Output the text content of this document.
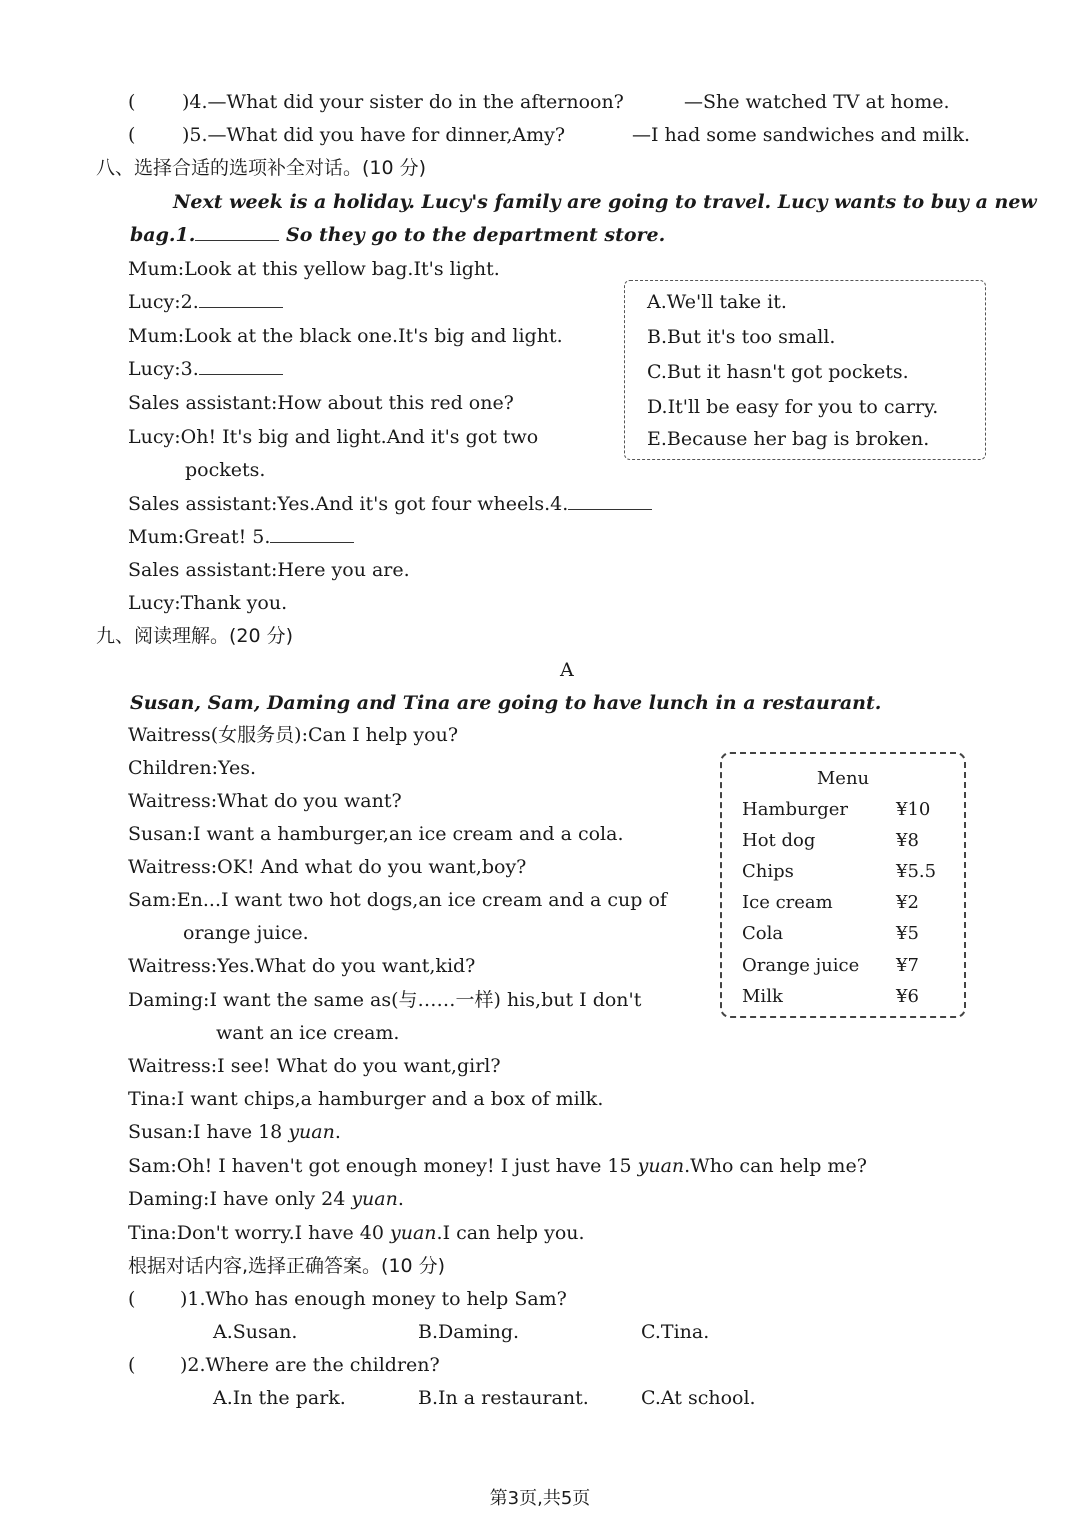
( )4.—What did your sister do in the afternoon?	—She watched TV at home.
( )5.—What did you have for dinner,Amy?	—I had some sandwiches and milk.
八、选择合适的选项补全对话。(10 分)
Next week is a holiday. Lucy's family are going to travel. Lucy wants to buy a new
bag.1.	So they go to the department store.
Mum:Look at this yellow bag.It's light.
Lucy:2.
Mum:Look at the black one.It's big and light.
Lucy:3.
Sales assistant:How about this red one?
Lucy:Oh! It's big and light.And it's got two
pockets.
Sales assistant:Yes.And it's got four wheels.4.
Mum:Great! 5.
Sales assistant:Here you are.
Lucy:Thank you.
A.We'll take it.
B.But it's too small.
C.But it hasn't got pockets.
D.It'll be easy for you to carry.
E.Because her bag is broken.
九、阅读理解。(20 分)
A
Susan, Sam, Daming and Tina are going to have lunch in a restaurant.
Waitress(女服务员):Can I help you?
Children:Yes.
Waitress:What do you want?
Susan:I want a hamburger,an ice cream and a cola.
Waitress:OK! And what do you want,boy?
Sam:En...I want two hot dogs,an ice cream and a cup of
orange juice.
Waitress:Yes.What do you want,kid?
Daming:I want the same as(与……一样) his,but I don't
want an ice cream.
Waitress:I see! What do you want,girl?
Tina:I want chips,a hamburger and a box of milk.
Susan:I have 18 yuan.
Sam:Oh! I haven't got enough money! I just have 15 yuan.Who can help me?
Daming:I have only 24 yuan.
Tina:Don't worry.I have 40 yuan.I can help you.
Menu
Hamburger	¥10
Hot dog	¥8
Chips	¥5.5
Ice cream	¥2
Cola	¥5
Orange juice ¥7
Milk	¥6
根据对话内容,选择正确答案。(10 分)
( )1.Who has enough money to help Sam?
A.Susan.	B.Daming.	C.Tina.
( )2.Where are the children?
A.In the park.	B.In a restaurant.	C.At school.
第3页,共5页
